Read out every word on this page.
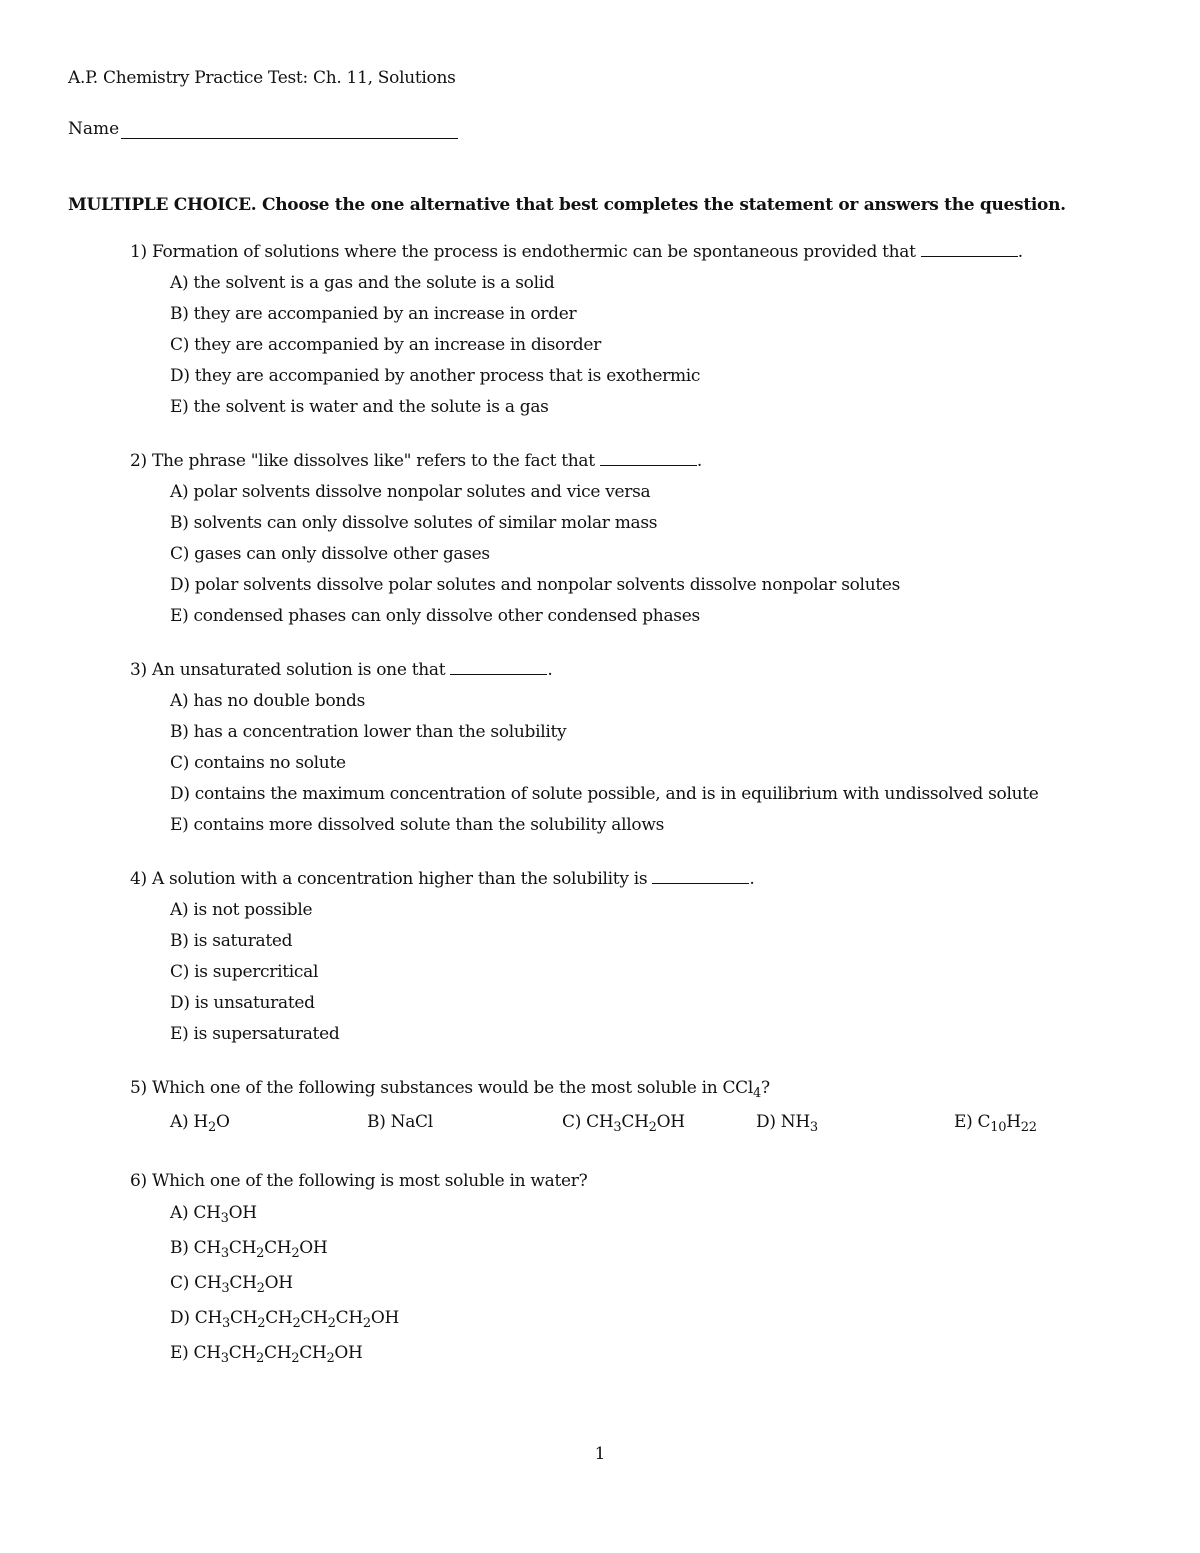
A.P. Chemistry Practice Test: Ch. 11, Solutions
Name
MULTIPLE CHOICE. Choose the one alternative that best completes the statement or answers the question.
1) Formation of solutions where the process is endothermic can be spontaneous provided that	.
A) the solvent is a gas and the solute is a solid
B) they are accompanied by an increase in order
C) they are accompanied by an increase in disorder
D) they are accompanied by another process that is exothermic
E) the solvent is water and the solute is a gas
2) The phrase "like dissolves like" refers to the fact that	.
A) polar solvents dissolve nonpolar solutes and vice versa
B) solvents can only dissolve solutes of similar molar mass
C) gases can only dissolve other gases
D) polar solvents dissolve polar solutes and nonpolar solvents dissolve nonpolar solutes
E) condensed phases can only dissolve other condensed phases
3) An unsaturated solution is one that	.
A) has no double bonds
B) has a concentration lower than the solubility
C) contains no solute
D) contains the maximum concentration of solute possible, and is in equilibrium with undissolved solute
E) contains more dissolved solute than the solubility allows
4) A solution with a concentration higher than the solubility is	.
A) is not possible
B) is saturated
C) is supercritical
D) is unsaturated
E) is supersaturated
5) Which one of the following substances would be the most soluble in CCl$_4$?
A) $H_2O$	B) NaCl	C) $CH_3CH_2OH$	D) $NH_3$	E) $C_{10}H_{22}$
6) Which one of the following is most soluble in water?
A) $CH_3OH$
B) $CH_3CH_2CH_2OH$
C) $CH_3CH_2OH$
D) $CH_3CH_2CH_2CH_2CH_2OH$
E) $CH_3CH_2CH_2CH_2OH$
1
